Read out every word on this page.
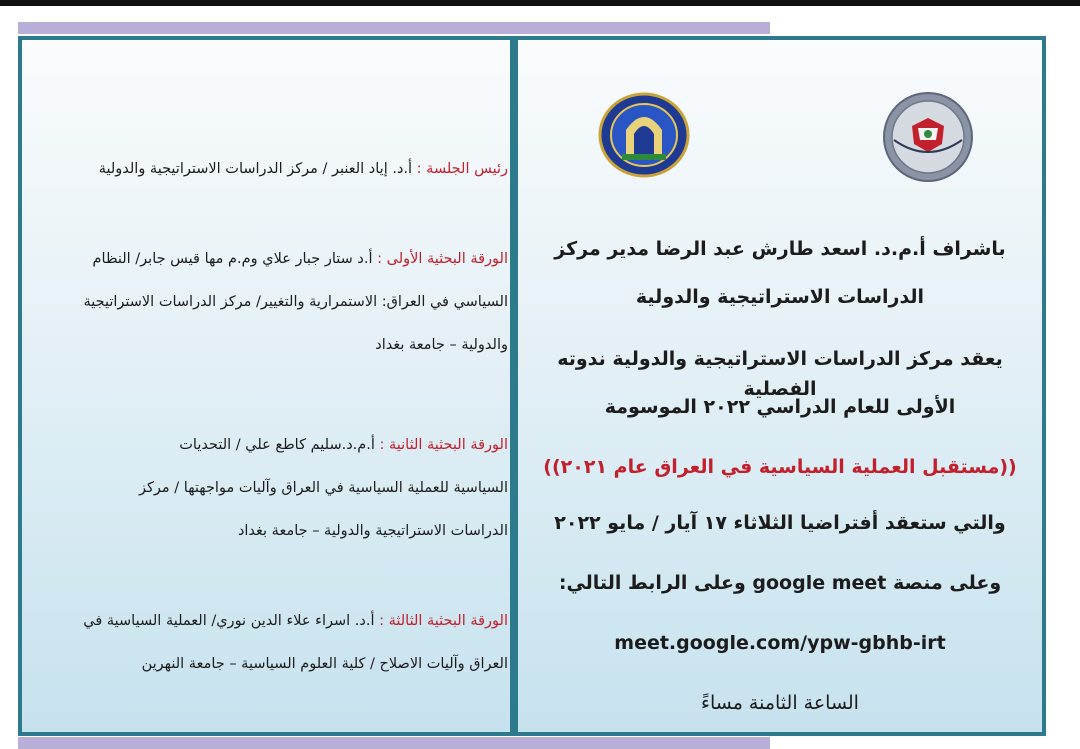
رئيس الجلسة : أ.د. إياد العنبر / مركز الدراسات الاستراتيجية والدولية

الورقة البحثية الأولى : أ.د ستار جبار علاي وم.م مها قيس جابر/ النظام السياسي في العراق: الاستمرارية والتغيير/ مركز الدراسات الاستراتيجية والدولية – جامعة بغداد

الورقة البحثية الثانية : أ.م.د.سليم كاطع علي / التحديات السياسية للعملية السياسية في العراق وآليات مواجهتها / مركز الدراسات الاستراتيجية والدولية – جامعة بغداد

الورقة البحثية الثالثة : أ.د. اسراء علاء الدين نوري/ العملية السياسية في العراق وآليات الاصلاح / كلية العلوم السياسية – جامعة النهرين

باشراف أ.م.د. اسعد طارش عبد الرضا مدير مركز

الدراسات الاستراتيجية والدولية

يعقد مركز الدراسات الاستراتيجية والدولية ندوته الفصلية

الأولى للعام الدراسي ٢٠٢٢ الموسومة

((مستقبل العملية السياسية في العراق عام ٢٠٢١))

والتي ستعقد أفتراضيا الثلاثاء ١٧ آيار / مايو ٢٠٢٢

وعلى منصة google meet وعلى الرابط التالي:

meet.google.com/ypw-gbhb-irt

الساعة الثامنة مساءً
